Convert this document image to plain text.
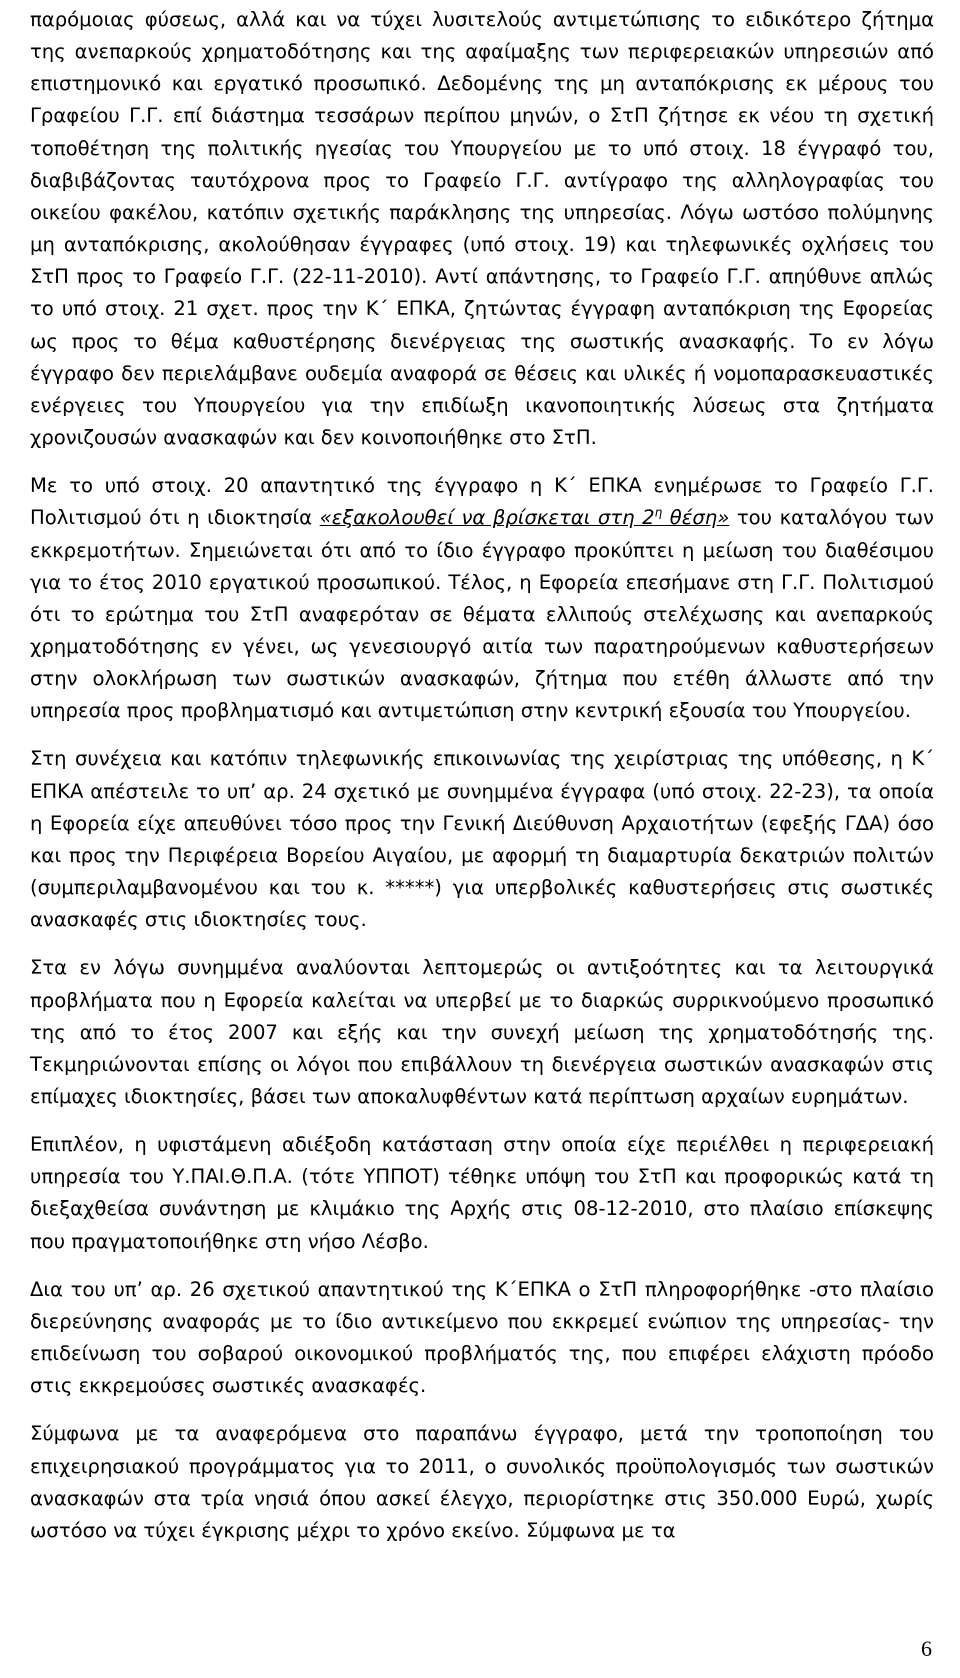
παρόμοιας φύσεως, αλλά και να τύχει λυσιτελούς αντιμετώπισης το ειδικότερο ζήτημα της ανεπαρκούς χρηματοδότησης και της αφαίμαξης των περιφερειακών υπηρεσιών από επιστημονικό και εργατικό προσωπικό. Δεδομένης της μη ανταπόκρισης εκ μέρους του Γραφείου Γ.Γ. επί διάστημα τεσσάρων περίπου μηνών, ο ΣτΠ ζήτησε εκ νέου τη σχετική τοποθέτηση της πολιτικής ηγεσίας του Υπουργείου με το υπό στοιχ. 18 έγγραφό του, διαβιβάζοντας ταυτόχρονα προς το Γραφείο Γ.Γ. αντίγραφο της αλληλογραφίας του οικείου φακέλου, κατόπιν σχετικής παράκλησης της υπηρεσίας. Λόγω ωστόσο πολύμηνης μη ανταπόκρισης, ακολούθησαν έγγραφες (υπό στοιχ. 19) και τηλεφωνικές οχλήσεις του ΣτΠ προς το Γραφείο Γ.Γ. (22-11-2010). Αντί απάντησης, το Γραφείο Γ.Γ. απηύθυνε απλώς το υπό στοιχ. 21 σχετ. προς την Κ΄ ΕΠΚΑ, ζητώντας έγγραφη ανταπόκριση της Εφορείας ως προς το θέμα καθυστέρησης διενέργειας της σωστικής ανασκαφής. Το εν λόγω έγγραφο δεν περιελάμβανε ουδεμία αναφορά σε θέσεις και υλικές ή νομοπαρασκευαστικές ενέργειες του Υπουργείου για την επιδίωξη ικανοποιητικής λύσεως στα ζητήματα χρονιζουσών ανασκαφών και δεν κοινοποιήθηκε στο ΣτΠ.

Με το υπό στοιχ. 20 απαντητικό της έγγραφο η Κ΄ ΕΠΚΑ ενημέρωσε το Γραφείο Γ.Γ. Πολιτισμού ότι η ιδιοκτησία «εξακολουθεί να βρίσκεται στη $2^\eta$ θέση» του καταλόγου των εκκρεμοτήτων. Σημειώνεται ότι από το ίδιο έγγραφο προκύπτει η μείωση του διαθέσιμου για το έτος 2010 εργατικού προσωπικού. Τέλος, η Εφορεία επεσήμανε στη Γ.Γ. Πολιτισμού ότι το ερώτημα του ΣτΠ αναφερόταν σε θέματα ελλιπούς στελέχωσης και ανεπαρκούς χρηματοδότησης εν γένει, ως γενεσιουργό αιτία των παρατηρούμενων καθυστερήσεων στην ολοκλήρωση των σωστικών ανασκαφών, ζήτημα που ετέθη άλλωστε από την υπηρεσία προς προβληματισμό και αντιμετώπιση στην κεντρική εξουσία του Υπουργείου.

Στη συνέχεια και κατόπιν τηλεφωνικής επικοινωνίας της χειρίστριας της υπόθεσης, η Κ΄ ΕΠΚΑ απέστειλε το υπ’ αρ. 24 σχετικό με συνημμένα έγγραφα (υπό στοιχ. 22-23), τα οποία η Εφορεία είχε απευθύνει τόσο προς την Γενική Διεύθυνση Αρχαιοτήτων (εφεξής ΓΔΑ) όσο και προς την Περιφέρεια Βορείου Αιγαίου, με αφορμή τη διαμαρτυρία δεκατριών πολιτών (συμπεριλαμβανομένου και του κ. *****) για υπερβολικές καθυστερήσεις στις σωστικές ανασκαφές στις ιδιοκτησίες τους.

Στα εν λόγω συνημμένα αναλύονται λεπτομερώς οι αντιξοότητες και τα λειτουργικά προβλήματα που η Εφορεία καλείται να υπερβεί με το διαρκώς συρρικνούμενο προσωπικό της από το έτος 2007 και εξής και την συνεχή μείωση της χρηματοδότησής της. Τεκμηριώνονται επίσης οι λόγοι που επιβάλλουν τη διενέργεια σωστικών ανασκαφών στις επίμαχες ιδιοκτησίες, βάσει των αποκαλυφθέντων κατά περίπτωση αρχαίων ευρημάτων.

Επιπλέον, η υφιστάμενη αδιέξοδη κατάσταση στην οποία είχε περιέλθει η περιφερειακή υπηρεσία του Υ.ΠΑΙ.Θ.Π.Α. (τότε ΥΠΠΟΤ) τέθηκε υπόψη του ΣτΠ και προφορικώς κατά τη διεξαχθείσα συνάντηση με κλιμάκιο της Αρχής στις 08-12-2010, στο πλαίσιο επίσκεψης που πραγματοποιήθηκε στη νήσο Λέσβο.

Δια του υπ’ αρ. 26 σχετικού απαντητικού της Κ΄ΕΠΚΑ ο ΣτΠ πληροφορήθηκε -στο πλαίσιο διερεύνησης αναφοράς με το ίδιο αντικείμενο που εκκρεμεί ενώπιον της υπηρεσίας- την επιδείνωση του σοβαρού οικονομικού προβλήματός της, που επιφέρει ελάχιστη πρόοδο στις εκκρεμούσες σωστικές ανασκαφές.

Σύμφωνα με τα αναφερόμενα στο παραπάνω έγγραφο, μετά την τροποποίηση του επιχειρησιακού προγράμματος για το 2011, ο συνολικός προϋπολογισμός των σωστικών ανασκαφών στα τρία νησιά όπου ασκεί έλεγχο, περιορίστηκε στις 350.000 Ευρώ, χωρίς ωστόσο να τύχει έγκρισης μέχρι το χρόνο εκείνο. Σύμφωνα με τα

6
